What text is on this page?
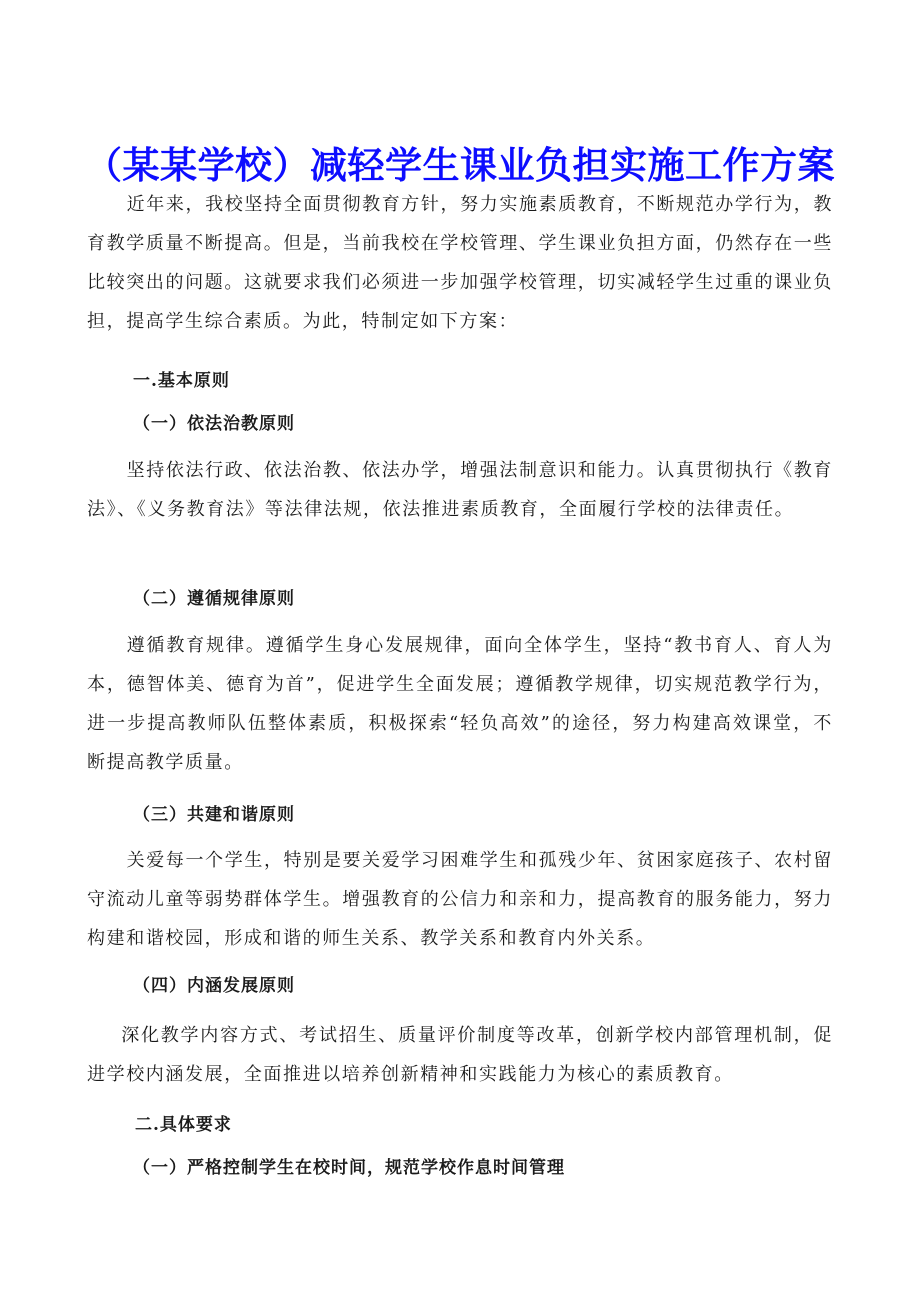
（某某学校）减轻学生课业负担实施工作方案

近年来，我校坚持全面贯彻教育方针，努力实施素质教育，不断规范办学行为，教育教学质量不断提高。但是，当前我校在学校管理、学生课业负担方面，仍然存在一些比较突出的问题。这就要求我们必须进一步加强学校管理，切实减轻学生过重的课业负担，提高学生综合素质。为此，特制定如下方案：

一.基本原则
（一）依法治教原则

坚持依法行政、依法治教、依法办学，增强法制意识和能力。认真贯彻执行《教育法》、《义务教育法》等法律法规，依法推进素质教育，全面履行学校的法律责任。

（二）遵循规律原则

遵循教育规律。遵循学生身心发展规律，面向全体学生，坚持“教书育人、育人为本，德智体美、德育为首”，促进学生全面发展；遵循教学规律，切实规范教学行为，进一步提高教师队伍整体素质，积极探索“轻负高效”的途径，努力构建高效课堂，不断提高教学质量。

（三）共建和谐原则

关爱每一个学生，特别是要关爱学习困难学生和孤残少年、贫困家庭孩子、农村留守流动儿童等弱势群体学生。增强教育的公信力和亲和力，提高教育的服务能力，努力构建和谐校园，形成和谐的师生关系、教学关系和教育内外关系。

（四）内涵发展原则

深化教学内容方式、考试招生、质量评价制度等改革，创新学校内部管理机制，促进学校内涵发展，全面推进以培养创新精神和实践能力为核心的素质教育。

二.具体要求
（一）严格控制学生在校时间，规范学校作息时间管理
